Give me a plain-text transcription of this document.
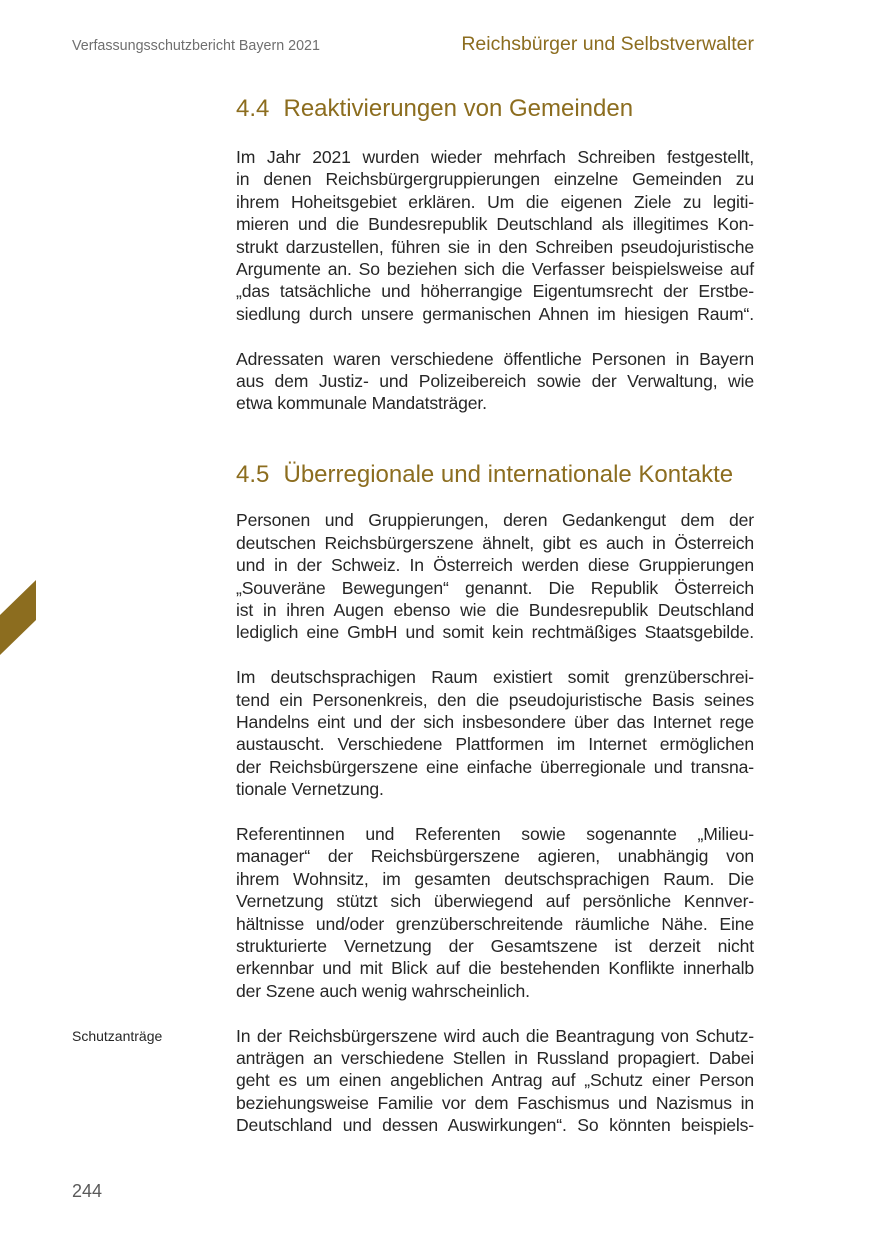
Verfassungsschutzbericht Bayern 2021	Reichsbürger und Selbstverwalter
4.4 Reaktivierungen von Gemeinden
Im Jahr 2021 wurden wieder mehrfach Schreiben festgestellt,
in denen Reichsbürgergruppierungen einzelne Gemeinden zu
ihrem Hoheitsgebiet erklären. Um die eigenen Ziele zu legiti-
mieren und die Bundesrepublik Deutschland als illegitimes Kon-
strukt darzustellen, führen sie in den Schreiben pseudojuristische
Argumente an. So beziehen sich die Verfasser beispielsweise auf
„das tatsächliche und höherrangige Eigentumsrecht der Erstbe-
siedlung durch unsere germanischen Ahnen im hiesigen Raum“.
Adressaten waren verschiedene öffentliche Personen in Bayern
aus dem Justiz- und Polizeibereich sowie der Verwaltung, wie
etwa kommunale Mandatsträger.
4.5 Überregionale und internationale Kontakte
Personen und Gruppierungen, deren Gedankengut dem der
deutschen Reichsbürgerszene ähnelt, gibt es auch in Österreich
und in der Schweiz. In Österreich werden diese Gruppierungen
„Souveräne Bewegungen“ genannt. Die Republik Österreich
ist in ihren Augen ebenso wie die Bundesrepublik Deutschland
lediglich eine GmbH und somit kein rechtmäßiges Staatsgebilde.
Im deutschsprachigen Raum existiert somit grenzüberschrei-
tend ein Personenkreis, den die pseudojuristische Basis seines
Handelns eint und der sich insbesondere über das Internet rege
austauscht. Verschiedene Plattformen im Internet ermöglichen
der Reichsbürgerszene eine einfache überregionale und transna-
tionale Vernetzung.
Referentinnen und Referenten sowie sogenannte „Milieu-
manager“ der Reichsbürgerszene agieren, unabhängig von
ihrem Wohnsitz, im gesamten deutschsprachigen Raum. Die
Vernetzung stützt sich überwiegend auf persönliche Kennver-
hältnisse und/oder grenzüberschreitende räumliche Nähe. Eine
strukturierte Vernetzung der Gesamtszene ist derzeit nicht
erkennbar und mit Blick auf die bestehenden Konflikte innerhalb
der Szene auch wenig wahrscheinlich.
Schutzanträge	In der Reichsbürgerszene wird auch die Beantragung von Schutz-
anträgen an verschiedene Stellen in Russland propagiert. Dabei
geht es um einen angeblichen Antrag auf „Schutz einer Person
beziehungsweise Familie vor dem Faschismus und Nazismus in
Deutschland und dessen Auswirkungen“. So könnten beispiels-
244
